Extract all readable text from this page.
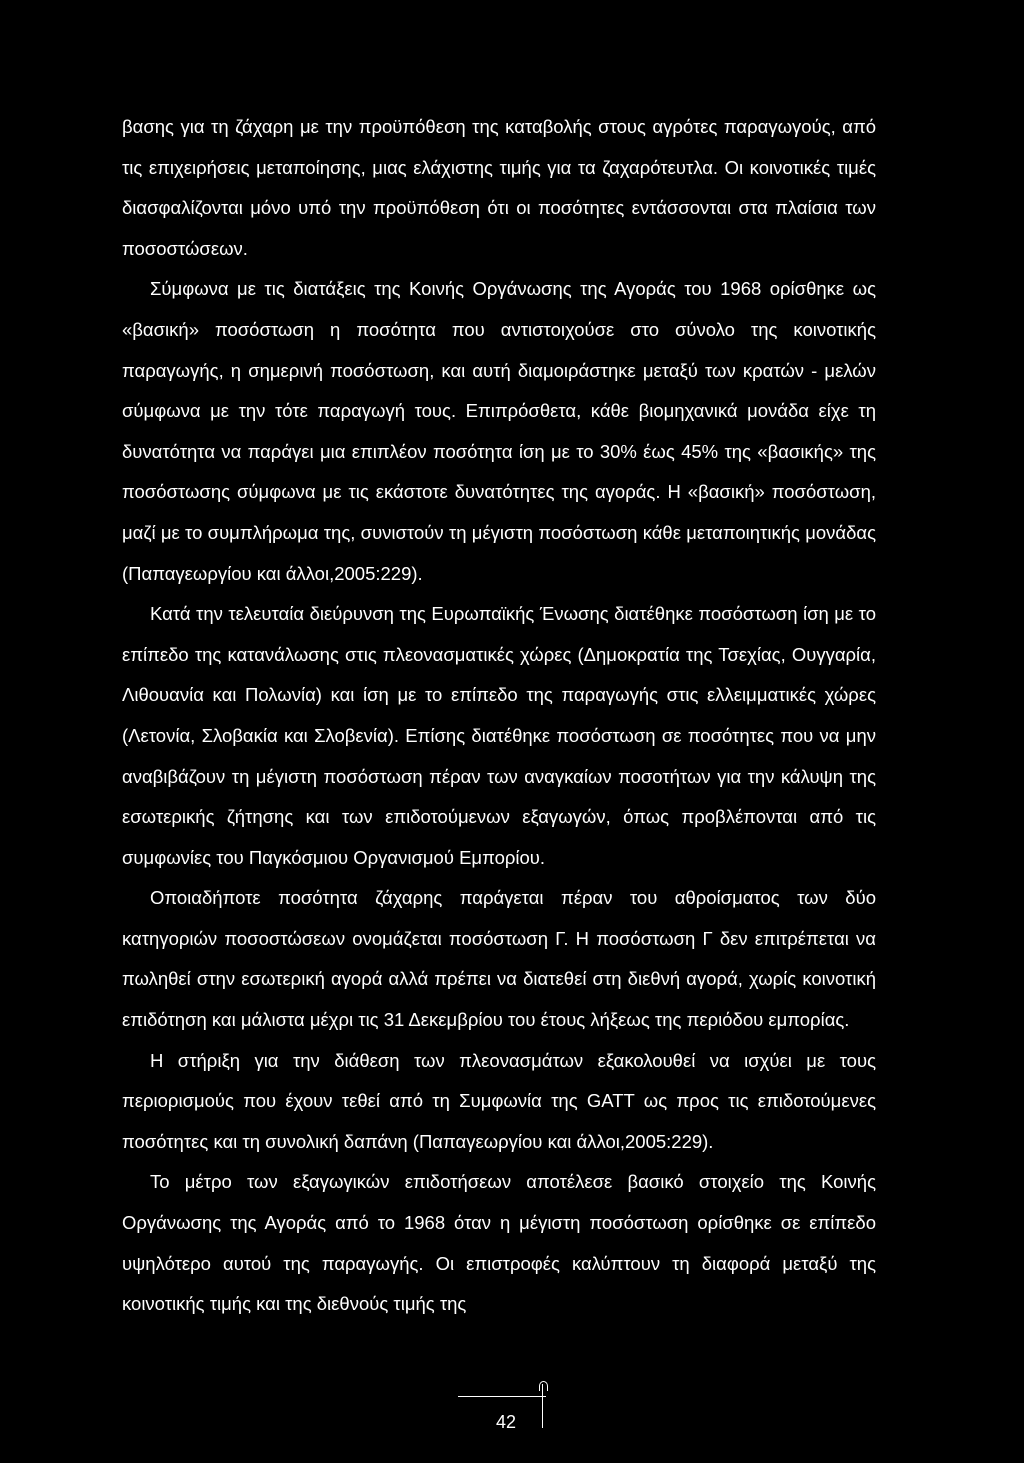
βασης για τη ζάχαρη με την προϋπόθεση της καταβολής στους αγρότες παραγωγούς, από τις επιχειρήσεις μεταποίησης, μιας ελάχιστης τιμής για τα ζαχαρότευτλα. Οι κοινοτικές τιμές διασφαλίζονται μόνο υπό την προϋπόθεση ότι οι ποσότητες εντάσσονται στα πλαίσια των ποσοστώσεων.

Σύμφωνα με τις διατάξεις της Κοινής Οργάνωσης της Αγοράς του 1968 ορίσθηκε ως «βασική» ποσόστωση η ποσότητα που αντιστοιχούσε στο σύνολο της κοινοτικής παραγωγής, η σημερινή ποσόστωση, και αυτή διαμοιράστηκε μεταξύ των κρατών - μελών σύμφωνα με την τότε παραγωγή τους. Επιπρόσθετα, κάθε βιομηχανικά μονάδα είχε τη δυνατότητα να παράγει μια επιπλέον ποσότητα ίση με το 30% έως 45% της «βασικής» της ποσόστωσης σύμφωνα με τις εκάστοτε δυνατότητες της αγοράς. Η «βασική» ποσόστωση, μαζί με το συμπλήρωμα της, συνιστούν τη μέγιστη ποσόστωση κάθε μεταποιητικής μονάδας (Παπαγεωργίου και άλλοι,2005:229).

Κατά την τελευταία διεύρυνση της Ευρωπαϊκής Ένωσης διατέθηκε ποσόστωση ίση με το επίπεδο της κατανάλωσης στις πλεονασματικές χώρες (Δημοκρατία της Τσεχίας, Ουγγαρία, Λιθουανία και Πολωνία) και ίση με το επίπεδο της παραγωγής στις ελλειμματικές χώρες (Λετονία, Σλοβακία και Σλοβενία). Επίσης διατέθηκε ποσόστωση σε ποσότητες που να μην αναβιβάζουν τη μέγιστη ποσόστωση πέραν των αναγκαίων ποσοτήτων για την κάλυψη της εσωτερικής ζήτησης και των επιδοτούμενων εξαγωγών, όπως προβλέπονται από τις συμφωνίες του Παγκόσμιου Οργανισμού Εμπορίου.

Οποιαδήποτε ποσότητα ζάχαρης παράγεται πέραν του αθροίσματος των δύο κατηγοριών ποσοστώσεων ονομάζεται ποσόστωση Γ. Η ποσόστωση Γ δεν επιτρέπεται να πωληθεί στην εσωτερική αγορά αλλά πρέπει να διατεθεί στη διεθνή αγορά, χωρίς κοινοτική επιδότηση και μάλιστα μέχρι τις 31 Δεκεμβρίου του έτους λήξεως της περιόδου εμπορίας.

Η στήριξη για την διάθεση των πλεονασμάτων εξακολουθεί να ισχύει με τους περιορισμούς που έχουν τεθεί από τη Συμφωνία της GATT ως προς τις επιδοτούμενες ποσότητες και τη συνολική δαπάνη (Παπαγεωργίου και άλλοι,2005:229).

Το μέτρο των εξαγωγικών επιδοτήσεων αποτέλεσε βασικό στοιχείο της Κοινής Οργάνωσης της Αγοράς από το 1968 όταν η μέγιστη ποσόστωση ορίσθηκε σε επίπεδο υψηλότερο αυτού της παραγωγής. Οι επιστροφές καλύπτουν τη διαφορά μεταξύ της κοινοτικής τιμής και της διεθνούς τιμής της

42
